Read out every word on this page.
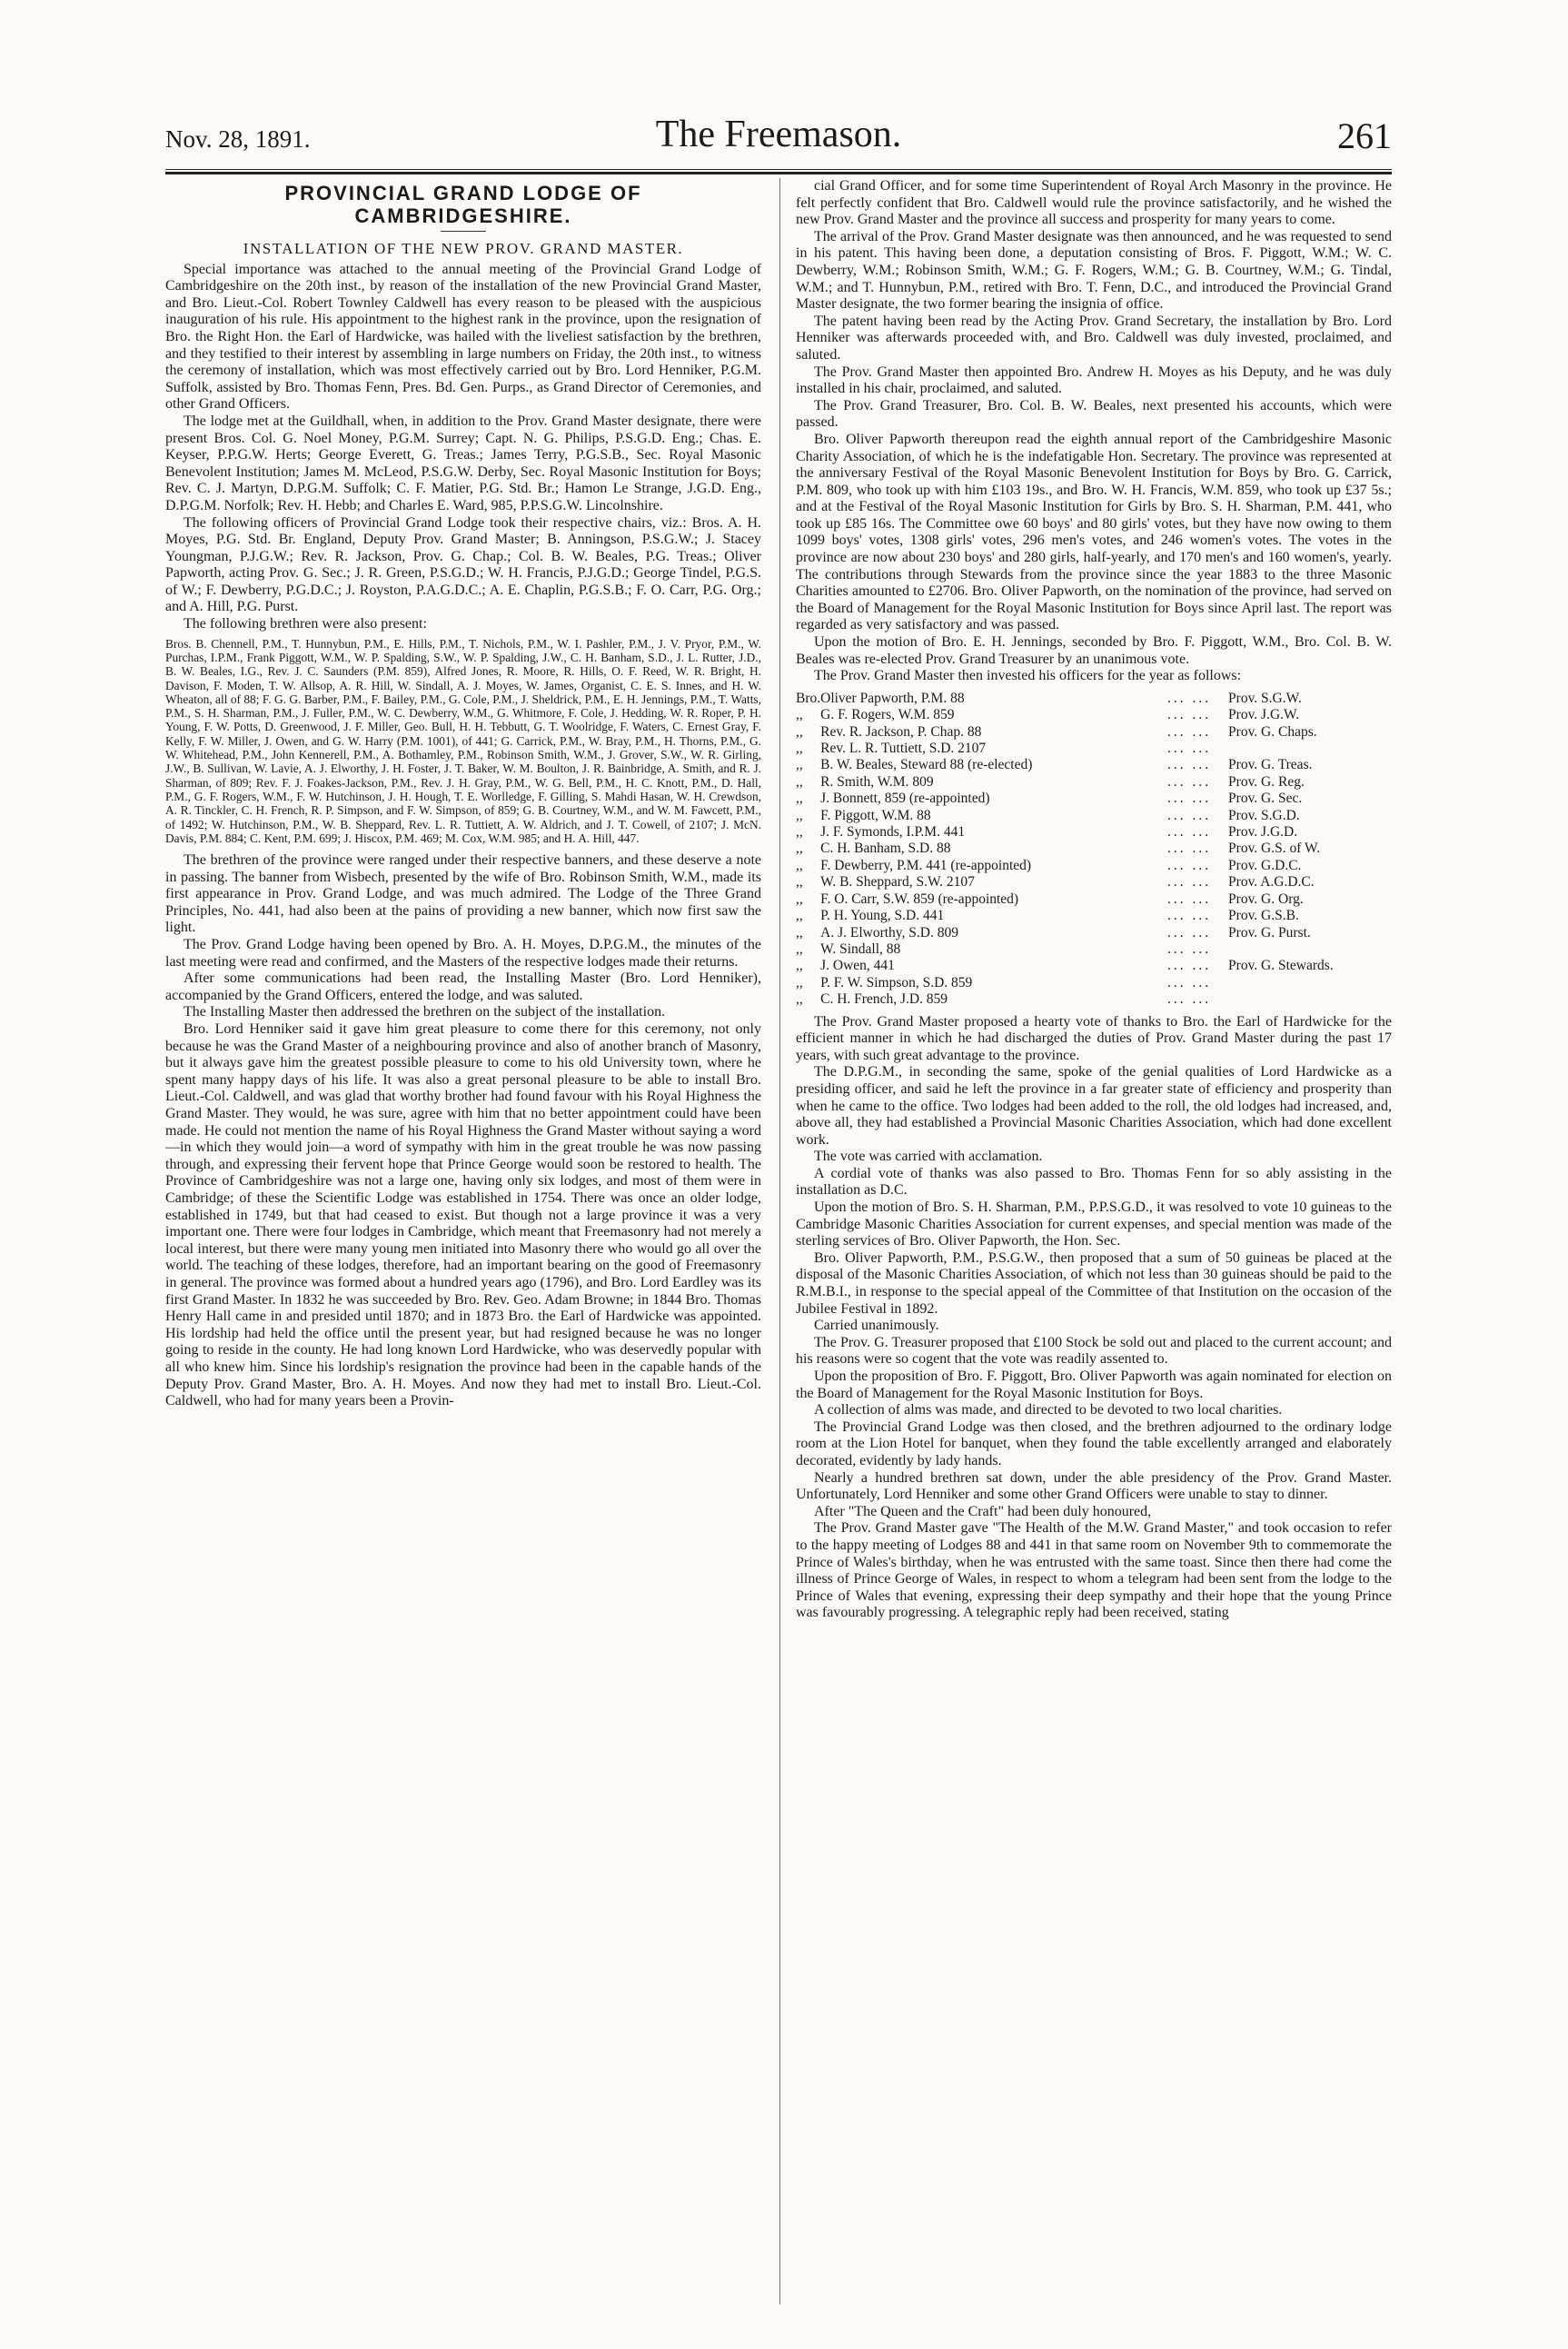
Nov. 28, 1891.	The Freemason.	261
PROVINCIAL GRAND LODGE OF
CAMBRIDGESHIRE.
INSTALLATION OF THE NEW PROV. GRAND MASTER.

Special importance was attached to the annual meeting of the Provincial Grand Lodge of Cambridgeshire on the 20th inst., by reason of the installation of the new Provincial Grand Master, and Bro. Lieut.-Col. Robert Townley Caldwell has every reason to be pleased with the auspicious inauguration of his rule. His appointment to the highest rank in the province, upon the resignation of Bro. the Right Hon. the Earl of Hardwicke, was hailed with the liveliest satisfaction by the brethren, and they testified to their interest by assembling in large numbers on Friday, the 20th inst., to witness the ceremony of installation, which was most effectively carried out by Bro. Lord Henniker, P.G.M. Suffolk, assisted by Bro. Thomas Fenn, Pres. Bd. Gen. Purps., as Grand Director of Ceremonies, and other Grand Officers.

The lodge met at the Guildhall, when, in addition to the Prov. Grand Master designate, there were present Bros. Col. G. Noel Money, P.G.M. Surrey; Capt. N. G. Philips, P.S.G.D. Eng.; Chas. E. Keyser, P.P.G.W. Herts; George Everett, G. Treas.; James Terry, P.G.S.B., Sec. Royal Masonic Benevolent Institution; James M. McLeod, P.S.G.W. Derby, Sec. Royal Masonic Institution for Boys; Rev. C. J. Martyn, D.P.G.M. Suffolk; C. F. Matier, P.G. Std. Br.; Hamon Le Strange, J.G.D. Eng., D.P.G.M. Norfolk; Rev. H. Hebb; and Charles E. Ward, 985, P.P.S.G.W. Lincolnshire.

The following officers of Provincial Grand Lodge took their respective chairs, viz.: Bros. A. H. Moyes, P.G. Std. Br. England, Deputy Prov. Grand Master; B. Anningson, P.S.G.W.; J. Stacey Youngman, P.J.G.W.; Rev. R. Jackson, Prov. G. Chap.; Col. B. W. Beales, P.G. Treas.; Oliver Papworth, acting Prov. G. Sec.; J. R. Green, P.S.G.D.; W. H. Francis, P.J.G.D.; George Tindel, P.G.S. of W.; F. Dewberry, P.G.D.C.; J. Royston, P.A.G.D.C.; A. E. Chaplin, P.G.S.B.; F. O. Carr, P.G. Org.; and A. Hill, P.G. Purst.

The following brethren were also present:

Bros. B. Chennell, P.M., T. Hunnybun, P.M., E. Hills, P.M., T. Nichols, P.M., W. I. Pashler, P.M., J. V. Pryor, P.M., W. Purchas, I.P.M., Frank Piggott, W.M., W. P. Spalding, S.W., W. P. Spalding, J.W., C. H. Banham, S.D., J. L. Rutter, J.D., B. W. Beales, I.G., Rev. J. C. Saunders (P.M. 859), Alfred Jones, R. Moore, R. Hills, O. F. Reed, W. R. Bright, H. Davison, F. Moden, T. W. Allsop, A. R. Hill, W. Sindall, A. J. Moyes, W. James, Organist, C. E. S. Innes, and H. W. Wheaton, all of 88; F. G. G. Barber, P.M., F. Bailey, P.M., G. Cole, P.M., J. Sheldrick, P.M., E. H. Jennings, P.M., T. Watts, P.M., S. H. Sharman, P.M., J. Fuller, P.M., W. C. Dewberry, W.M., G. Whitmore, F. Cole, J. Hedding, W. R. Roper, P. H. Young, F. W. Potts, D. Greenwood, J. F. Miller, Geo. Bull, H. H. Tebbutt, G. T. Woolridge, F. Waters, C. Ernest Gray, F. Kelly, F. W. Miller, J. Owen, and G. W. Harry (P.M. 1001), of 441; G. Carrick, P.M., W. Bray, P.M., H. Thorns, P.M., G. W. Whitehead, P.M., John Kennerell, P.M., A. Bothamley, P.M., Robinson Smith, W.M., J. Grover, S.W., W. R. Girling, J.W., B. Sullivan, W. Lavie, A. J. Elworthy, J. H. Foster, J. T. Baker, W. M. Boulton, J. R. Bainbridge, A. Smith, and R. J. Sharman, of 809; Rev. F. J. Foakes-Jackson, P.M., Rev. J. H. Gray, P.M., W. G. Bell, P.M., H. C. Knott, P.M., D. Hall, P.M., G. F. Rogers, W.M., F. W. Hutchinson, J. H. Hough, T. E. Worlledge, F. Gilling, S. Mahdi Hasan, W. H. Crewdson, A. R. Tinckler, C. H. French, R. P. Simpson, and F. W. Simpson, of 859; G. B. Courtney, W.M., and W. M. Fawcett, P.M., of 1492; W. Hutchinson, P.M., W. B. Sheppard, Rev. L. R. Tuttiett, A. W. Aldrich, and J. T. Cowell, of 2107; J. McN. Davis, P.M. 884; C. Kent, P.M. 699; J. Hiscox, P.M. 469; M. Cox, W.M. 985; and H. A. Hill, 447.

The brethren of the province were ranged under their respective banners, and these deserve a note in passing. The banner from Wisbech, presented by the wife of Bro. Robinson Smith, W.M., made its first appearance in Prov. Grand Lodge, and was much admired. The Lodge of the Three Grand Principles, No. 441, had also been at the pains of providing a new banner, which now first saw the light.

The Prov. Grand Lodge having been opened by Bro. A. H. Moyes, D.P.G.M., the minutes of the last meeting were read and confirmed, and the Masters of the respective lodges made their returns.

After some communications had been read, the Installing Master (Bro. Lord Henniker), accompanied by the Grand Officers, entered the lodge, and was saluted.

The Installing Master then addressed the brethren on the subject of the installation.

Bro. Lord Henniker said it gave him great pleasure to come there for this ceremony, not only because he was the Grand Master of a neighbouring province and also of another branch of Masonry, but it always gave him the greatest possible pleasure to come to his old University town, where he spent many happy days of his life. It was also a great personal pleasure to be able to install Bro. Lieut.-Col. Caldwell, and was glad that worthy brother had found favour with his Royal Highness the Grand Master. They would, he was sure, agree with him that no better appointment could have been made. He could not mention the name of his Royal Highness the Grand Master without saying a word—in which they would join—a word of sympathy with him in the great trouble he was now passing through, and expressing their fervent hope that Prince George would soon be restored to health. The Province of Cambridgeshire was not a large one, having only six lodges, and most of them were in Cambridge; of these the Scientific Lodge was established in 1754. There was once an older lodge, established in 1749, but that had ceased to exist. But though not a large province it was a very important one. There were four lodges in Cambridge, which meant that Freemasonry had not merely a local interest, but there were many young men initiated into Masonry there who would go all over the world. The teaching of these lodges, therefore, had an important bearing on the good of Freemasonry in general. The province was formed about a hundred years ago (1796), and Bro. Lord Eardley was its first Grand Master. In 1832 he was succeeded by Bro. Rev. Geo. Adam Browne; in 1844 Bro. Thomas Henry Hall came in and presided until 1870; and in 1873 Bro. the Earl of Hardwicke was appointed. His lordship had held the office until the present year, but had resigned because he was no longer going to reside in the county. He had long known Lord Hardwicke, who was deservedly popular with all who knew him. Since his lordship's resignation the province had been in the capable hands of the Deputy Prov. Grand Master, Bro. A. H. Moyes. And now they had met to install Bro. Lieut.-Col. Caldwell, who had for many years been a Provin-

cial Grand Officer, and for some time Superintendent of Royal Arch Masonry in the province. He felt perfectly confident that Bro. Caldwell would rule the province satisfactorily, and he wished the new Prov. Grand Master and the province all success and prosperity for many years to come.

The arrival of the Prov. Grand Master designate was then announced, and he was requested to send in his patent. This having been done, a deputation consisting of Bros. F. Piggott, W.M.; W. C. Dewberry, W.M.; Robinson Smith, W.M.; G. F. Rogers, W.M.; G. B. Courtney, W.M.; G. Tindal, W.M.; and T. Hunnybun, P.M., retired with Bro. T. Fenn, D.C., and introduced the Provincial Grand Master designate, the two former bearing the insignia of office.

The patent having been read by the Acting Prov. Grand Secretary, the installation by Bro. Lord Henniker was afterwards proceeded with, and Bro. Caldwell was duly invested, proclaimed, and saluted.

The Prov. Grand Master then appointed Bro. Andrew H. Moyes as his Deputy, and he was duly installed in his chair, proclaimed, and saluted.

The Prov. Grand Treasurer, Bro. Col. B. W. Beales, next presented his accounts, which were passed.

Bro. Oliver Papworth thereupon read the eighth annual report of the Cambridgeshire Masonic Charity Association, of which he is the indefatigable Hon. Secretary. The province was represented at the anniversary Festival of the Royal Masonic Benevolent Institution for Boys by Bro. G. Carrick, P.M. 809, who took up with him £103 19s., and Bro. W. H. Francis, W.M. 859, who took up £37 5s.; and at the Festival of the Royal Masonic Institution for Girls by Bro. S. H. Sharman, P.M. 441, who took up £85 16s. The Committee owe 60 boys' and 80 girls' votes, but they have now owing to them 1099 boys' votes, 1308 girls' votes, 296 men's votes, and 246 women's votes. The votes in the province are now about 230 boys' and 280 girls, half-yearly, and 170 men's and 160 women's, yearly. The contributions through Stewards from the province since the year 1883 to the three Masonic Charities amounted to £2706. Bro. Oliver Papworth, on the nomination of the province, had served on the Board of Management for the Royal Masonic Institution for Boys since April last. The report was regarded as very satisfactory and was passed.

Upon the motion of Bro. E. H. Jennings, seconded by Bro. F. Piggott, W.M., Bro. Col. B. W. Beales was re-elected Prov. Grand Treasurer by an unanimous vote.

The Prov. Grand Master then invested his officers for the year as follows:

Bro.	Oliver Papworth, P.M. 88	... ...	Prov. S.G.W.
,,	G. F. Rogers, W.M. 859	... ...	Prov. J.G.W.
,,	Rev. R. Jackson, P. Chap. 88	... ...	Prov. G. Chaps.
,,	Rev. L. R. Tuttiett, S.D. 2107	... ...	
,,	B. W. Beales, Steward 88 (re-elected)	... ...	Prov. G. Treas.
,,	R. Smith, W.M. 809	... ...	Prov. G. Reg.
,,	J. Bonnett, 859 (re-appointed)	... ...	Prov. G. Sec.
,,	F. Piggott, W.M. 88	... ...	Prov. S.G.D.
,,	J. F. Symonds, I.P.M. 441	... ...	Prov. J.G.D.
,,	C. H. Banham, S.D. 88	... ...	Prov. G.S. of W.
,,	F. Dewberry, P.M. 441 (re-appointed)	... ...	Prov. G.D.C.
,,	W. B. Sheppard, S.W. 2107	... ...	Prov. A.G.D.C.
,,	F. O. Carr, S.W. 859 (re-appointed)	... ...	Prov. G. Org.
,,	P. H. Young, S.D. 441	... ...	Prov. G.S.B.
,,	A. J. Elworthy, S.D. 809	... ...	Prov. G. Purst.
,,	W. Sindall, 88	... ...	
,,	J. Owen, 441	... ...	Prov. G. Stewards.
,,	P. F. W. Simpson, S.D. 859	... ...	
,,	C. H. French, J.D. 859	... ...	

The Prov. Grand Master proposed a hearty vote of thanks to Bro. the Earl of Hardwicke for the efficient manner in which he had discharged the duties of Prov. Grand Master during the past 17 years, with such great advantage to the province.

The D.P.G.M., in seconding the same, spoke of the genial qualities of Lord Hardwicke as a presiding officer, and said he left the province in a far greater state of efficiency and prosperity than when he came to the office. Two lodges had been added to the roll, the old lodges had increased, and, above all, they had established a Provincial Masonic Charities Association, which had done excellent work.

The vote was carried with acclamation.

A cordial vote of thanks was also passed to Bro. Thomas Fenn for so ably assisting in the installation as D.C.

Upon the motion of Bro. S. H. Sharman, P.M., P.P.S.G.D., it was resolved to vote 10 guineas to the Cambridge Masonic Charities Association for current expenses, and special mention was made of the sterling services of Bro. Oliver Papworth, the Hon. Sec.

Bro. Oliver Papworth, P.M., P.S.G.W., then proposed that a sum of 50 guineas be placed at the disposal of the Masonic Charities Association, of which not less than 30 guineas should be paid to the R.M.B.I., in response to the special appeal of the Committee of that Institution on the occasion of the Jubilee Festival in 1892.

Carried unanimously.

The Prov. G. Treasurer proposed that £100 Stock be sold out and placed to the current account; and his reasons were so cogent that the vote was readily assented to.

Upon the proposition of Bro. F. Piggott, Bro. Oliver Papworth was again nominated for election on the Board of Management for the Royal Masonic Institution for Boys.

A collection of alms was made, and directed to be devoted to two local charities.

The Provincial Grand Lodge was then closed, and the brethren adjourned to the ordinary lodge room at the Lion Hotel for banquet, when they found the table excellently arranged and elaborately decorated, evidently by lady hands.

Nearly a hundred brethren sat down, under the able presidency of the Prov. Grand Master. Unfortunately, Lord Henniker and some other Grand Officers were unable to stay to dinner.

After "The Queen and the Craft" had been duly honoured,

The Prov. Grand Master gave "The Health of the M.W. Grand Master," and took occasion to refer to the happy meeting of Lodges 88 and 441 in that same room on November 9th to commemorate the Prince of Wales's birthday, when he was entrusted with the same toast. Since then there had come the illness of Prince George of Wales, in respect to whom a telegram had been sent from the lodge to the Prince of Wales that evening, expressing their deep sympathy and their hope that the young Prince was favourably progressing. A telegraphic reply had been received, stating
